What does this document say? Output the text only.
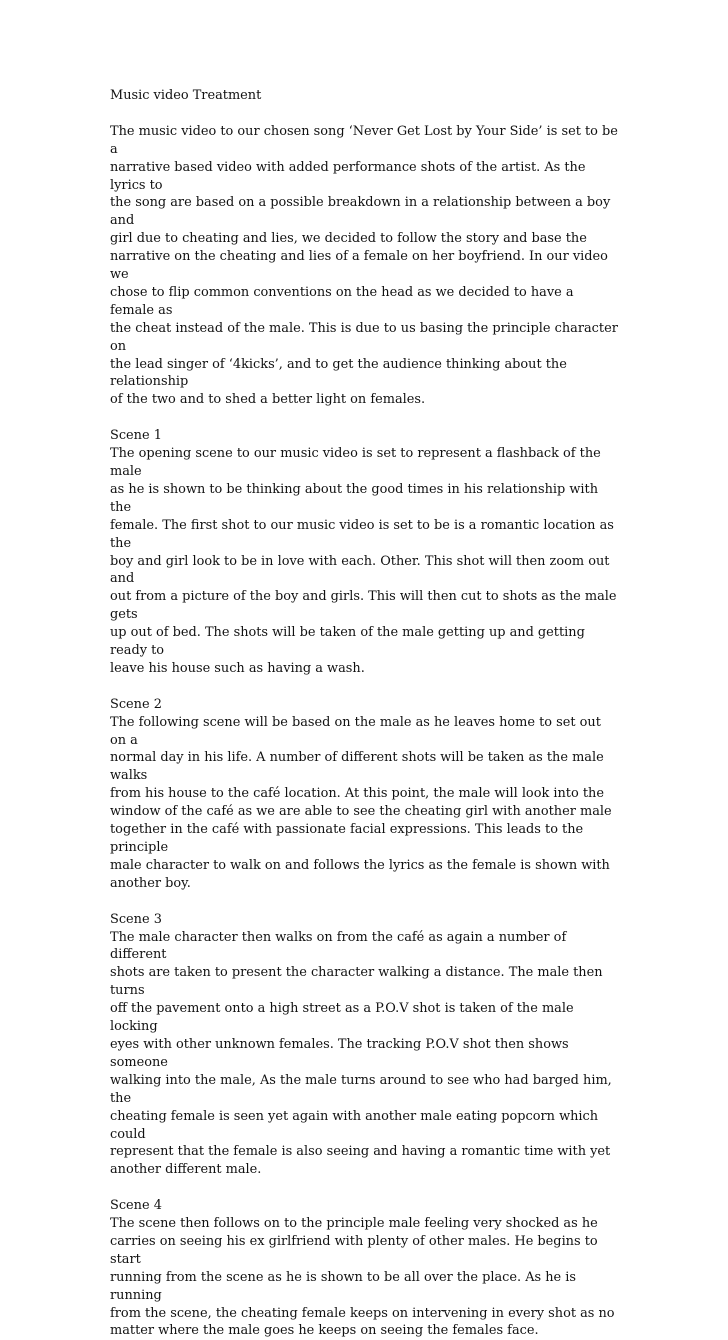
Music video Treatment

The music video to our chosen song ‘Never Get Lost by Your Side’ is set to be a
narrative based video with added performance shots of the artist. As the lyrics to
the song are based on a possible breakdown in a relationship between a boy and
girl due to cheating and lies, we decided to follow the story and base the
narrative on the cheating and lies of a female on her boyfriend. In our video we
chose to flip common conventions on the head as we decided to have a female as
the cheat instead of the male. This is due to us basing the principle character on
the lead singer of ‘4kicks’, and to get the audience thinking about the relationship
of the two and to shed a better light on females.

Scene 1

The opening scene to our music video is set to represent a flashback of the male
as he is shown to be thinking about the good times in his relationship with the
female. The first shot to our music video is set to be is a romantic location as the
boy and girl look to be in love with each. Other. This shot will then zoom out and
out from a picture of the boy and girls. This will then cut to shots as the male gets
up out of bed. The shots will be taken of the male getting up and getting ready to
leave his house such as having a wash.

Scene 2

The following scene will be based on the male as he leaves home to set out on a
normal day in his life. A number of different shots will be taken as the male walks
from his house to the café location. At this point, the male will look into the
window of the café as we are able to see the cheating girl with another male
together in the café with passionate facial expressions. This leads to the principle
male character to walk on and follows the lyrics as the female is shown with
another boy.

Scene 3

The male character then walks on from the café as again a number of different
shots are taken to present the character walking a distance. The male then turns
off the pavement onto a high street as a P.O.V shot is taken of the male locking
eyes with other unknown females. The tracking P.O.V shot then shows someone
walking into the male, As the male turns around to see who had barged him, the
cheating female is seen yet again with another male eating popcorn which could
represent that the female is also seeing and having a romantic time with yet
another different male.

Scene 4

The scene then follows on to the principle male feeling very shocked as he
carries on seeing his ex girlfriend with plenty of other males. He begins to start
running from the scene as he is shown to be all over the place. As he is running
from the scene, the cheating female keeps on intervening in every shot as no
matter where the male goes he keeps on seeing the females face.
